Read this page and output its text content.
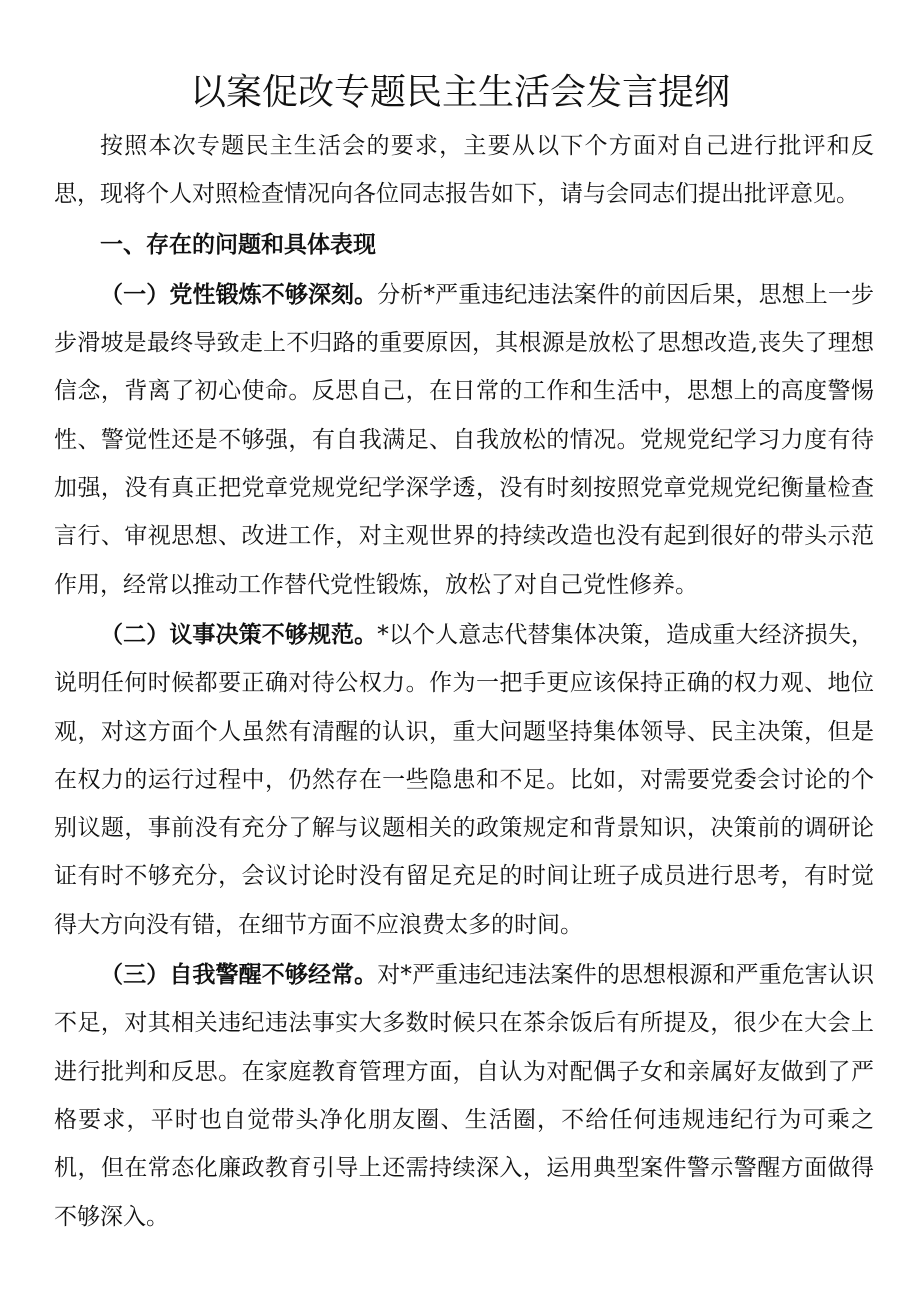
以案促改专题民主生活会发言提纲

按照本次专题民主生活会的要求，主要从以下个方面对自己进行批评和反思，现将个人对照检查情况向各位同志报告如下，请与会同志们提出批评意见。

一、存在的问题和具体表现

（一）党性锻炼不够深刻。分析*严重违纪违法案件的前因后果，思想上一步步滑坡是最终导致走上不归路的重要原因，其根源是放松了思想改造,丧失了理想信念，背离了初心使命。反思自己，在日常的工作和生活中，思想上的高度警惕性、警觉性还是不够强，有自我满足、自我放松的情况。党规党纪学习力度有待加强，没有真正把党章党规党纪学深学透，没有时刻按照党章党规党纪衡量检查言行、审视思想、改进工作，对主观世界的持续改造也没有起到很好的带头示范作用，经常以推动工作替代党性锻炼，放松了对自己党性修养。

（二）议事决策不够规范。*以个人意志代替集体决策，造成重大经济损失，说明任何时候都要正确对待公权力。作为一把手更应该保持正确的权力观、地位观，对这方面个人虽然有清醒的认识，重大问题坚持集体领导、民主决策，但是在权力的运行过程中，仍然存在一些隐患和不足。比如，对需要党委会讨论的个别议题，事前没有充分了解与议题相关的政策规定和背景知识，决策前的调研论证有时不够充分，会议讨论时没有留足充足的时间让班子成员进行思考，有时觉得大方向没有错，在细节方面不应浪费太多的时间。

（三）自我警醒不够经常。对*严重违纪违法案件的思想根源和严重危害认识不足，对其相关违纪违法事实大多数时候只在茶余饭后有所提及，很少在大会上进行批判和反思。在家庭教育管理方面，自认为对配偶子女和亲属好友做到了严格要求，平时也自觉带头净化朋友圈、生活圈，不给任何违规违纪行为可乘之机，但在常态化廉政教育引导上还需持续深入，运用典型案件警示警醒方面做得不够深入。
